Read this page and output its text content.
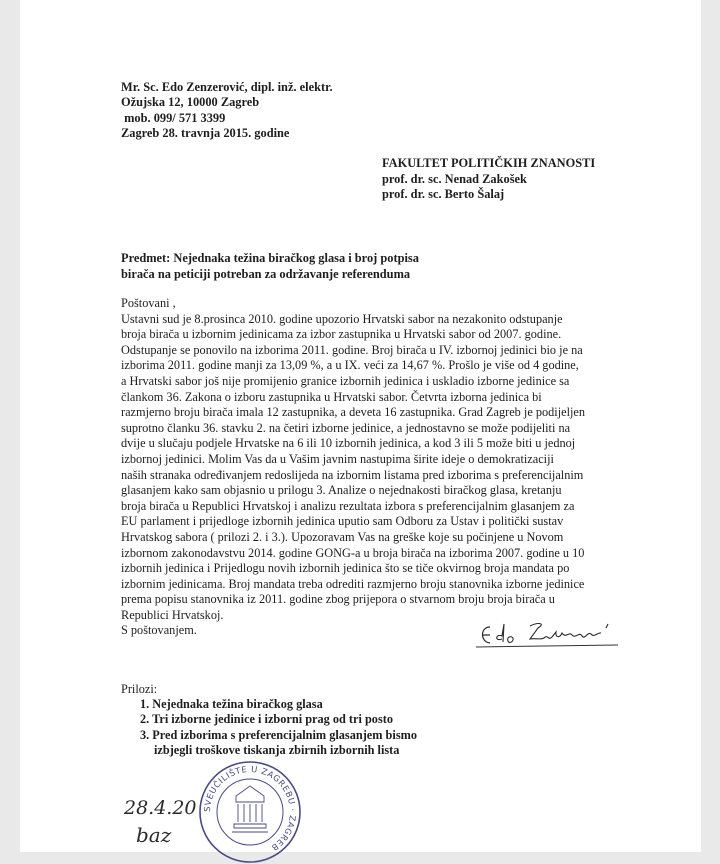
Mr. Sc. Edo Zenzerović, dipl. inž. elektr.
Ožujska 12, 10000 Zagreb
mob. 099/ 571 3399
Zagreb 28. travnja 2015. godine
FAKULTET POLITIČKIH ZNANOSTI
prof. dr. sc. Nenad Zakošek
prof. dr. sc. Berto Šalaj
Predmet: Nejednaka težina biračkog glasa i broj potpisa
birača na peticiji potreban za održavanje referenduma
Poštovani ,
Ustavni sud je 8.prosinca 2010. godine upozorio Hrvatski sabor na nezakonito odstupanje
broja birača u izbornim jedinicama za izbor zastupnika u Hrvatski sabor od 2007. godine.
Odstupanje se ponovilo na izborima 2011. godine. Broj birača u IV. izbornoj jedinici bio je na
izborima 2011. godine manji za 13,09 %, a u IX. veći za 14,67 %. Prošlo je više od 4 godine,
a Hrvatski sabor još nije promijenio granice izbornih jedinica i uskladio izborne jedinice sa
člankom 36. Zakona o izboru zastupnika u Hrvatski sabor. Četvrta izborna jedinica bi
razmjerno broju birača imala 12 zastupnika, a deveta 16 zastupnika. Grad Zagreb je podijeljen
suprotno članku 36. stavku 2. na četiri izborne jedinice, a jednostavno se može podijeliti na
dvije u slučaju podjele Hrvatske na 6 ili 10 izbornih jedinica, a kod 3 ili 5 može biti u jednoj
izbornoj jedinici. Molim Vas da u Vašim javnim nastupima širite ideje o demokratizaciji
naših stranaka određivanjem redoslijeda na izbornim listama pred izborima s preferencijalnim
glasanjem kako sam objasnio u prilogu 3. Analize o nejednakosti biračkog glasa, kretanju
broja birača u Republici Hrvatskoj i analizu rezultata izbora s preferencijalnim glasanjem za
EU parlament i prijedloge izbornih jedinica uputio sam Odboru za Ustav i politički sustav
Hrvatskog sabora ( prilozi 2. i 3.). Upozoravam Vas na greške koje su počinjene u Novom
izbornom zakonodavstvu 2014. godine GONG-a u broja birača na izborima 2007. godine u 10
izbornih jedinica i Prijedlogu novih izbornih jedinica što se tiče okvirnog broja mandata po
izbornim jedinicama. Broj mandata treba odrediti razmjerno broju stanovnika izborne jedinice
prema popisu stanovnika iz 2011. godine zbog prijepora o stvarnom broju broja birača u
Republici Hrvatskoj.
S poštovanjem.
Prilozi:
1. Nejednaka težina biračkog glasa
2. Tri izborne jedinice i izborni prag od tri posto
3. Pred izborima s preferencijalnim glasanjem bismo
izbjegli troškove tiskanja zbirnih izbornih lista
SVEUČILIŠTE U ZAGREBU · ZAGREB
28.4.20
baz
